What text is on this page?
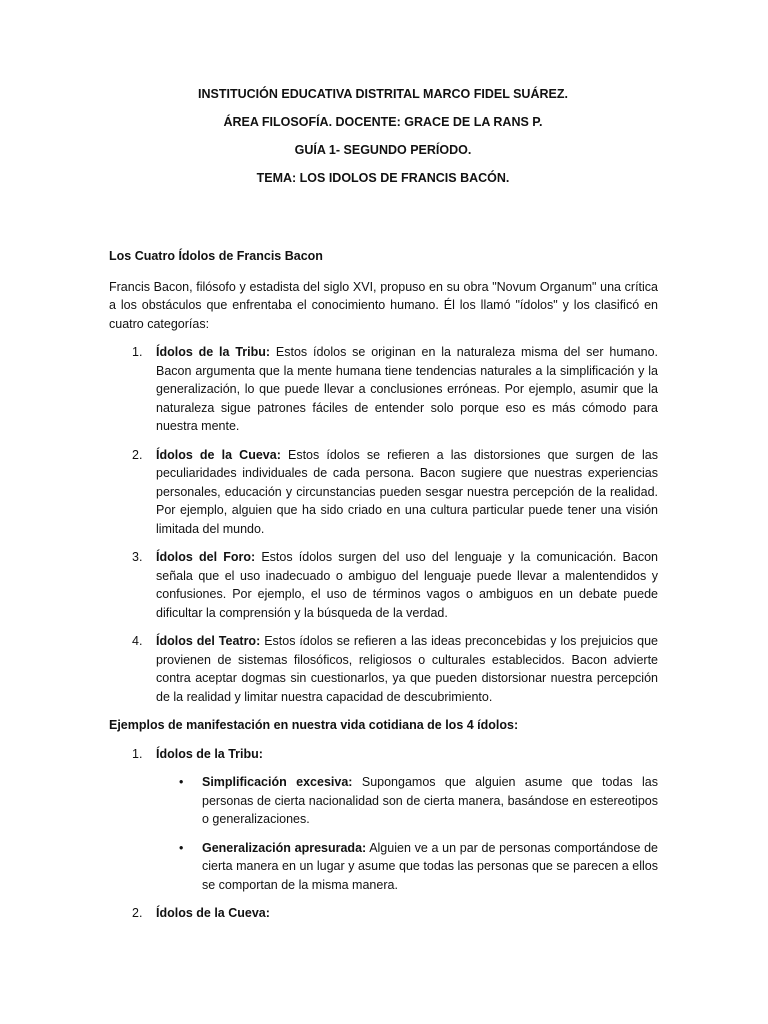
INSTITUCIÓN EDUCATIVA DISTRITAL MARCO FIDEL SUÁREZ.
ÁREA FILOSOFÍA. DOCENTE: GRACE DE LA RANS P.
GUÍA 1- SEGUNDO PERÍODO.
TEMA: LOS IDOLOS DE FRANCIS BACÓN.

Los Cuatro Ídolos de Francis Bacon

Francis Bacon, filósofo y estadista del siglo XVI, propuso en su obra "Novum Organum" una crítica a los obstáculos que enfrentaba el conocimiento humano. Él los llamó "ídolos" y los clasificó en cuatro categorías:

1. Ídolos de la Tribu: Estos ídolos se originan en la naturaleza misma del ser humano. Bacon argumenta que la mente humana tiene tendencias naturales a la simplificación y la generalización, lo que puede llevar a conclusiones erróneas. Por ejemplo, asumir que la naturaleza sigue patrones fáciles de entender solo porque eso es más cómodo para nuestra mente.
2. Ídolos de la Cueva: Estos ídolos se refieren a las distorsiones que surgen de las peculiaridades individuales de cada persona. Bacon sugiere que nuestras experiencias personales, educación y circunstancias pueden sesgar nuestra percepción de la realidad. Por ejemplo, alguien que ha sido criado en una cultura particular puede tener una visión limitada del mundo.
3. Ídolos del Foro: Estos ídolos surgen del uso del lenguaje y la comunicación. Bacon señala que el uso inadecuado o ambiguo del lenguaje puede llevar a malentendidos y confusiones. Por ejemplo, el uso de términos vagos o ambiguos en un debate puede dificultar la comprensión y la búsqueda de la verdad.
4. Ídolos del Teatro: Estos ídolos se refieren a las ideas preconcebidas y los prejuicios que provienen de sistemas filosóficos, religiosos o culturales establecidos. Bacon advierte contra aceptar dogmas sin cuestionarlos, ya que pueden distorsionar nuestra percepción de la realidad y limitar nuestra capacidad de descubrimiento.

Ejemplos de manifestación en nuestra vida cotidiana de los 4 ídolos:

1. Ídolos de la Tribu:
• Simplificación excesiva: Supongamos que alguien asume que todas las personas de cierta nacionalidad son de cierta manera, basándose en estereotipos o generalizaciones.
• Generalización apresurada: Alguien ve a un par de personas comportándose de cierta manera en un lugar y asume que todas las personas que se parecen a ellos se comportan de la misma manera.
2. Ídolos de la Cueva:
